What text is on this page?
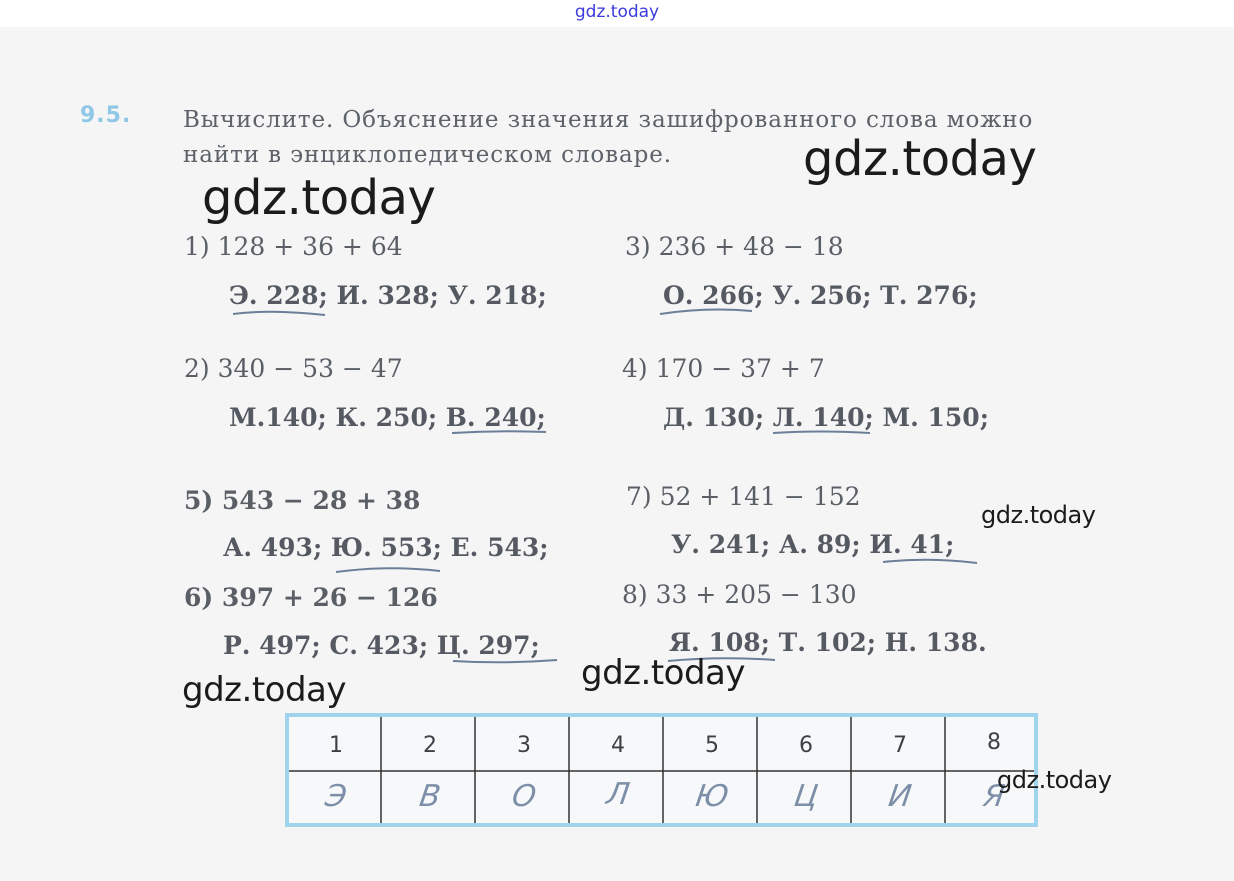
gdz.today
9.5. Вычислите. Объяснение значения зашифрованного слова можно
найти в энциклопедическом словаре.
1) 128 + 36 + 64
Э. 228; И. 328; У. 218;
3) 236 + 48 − 18
О. 266; У. 256; Т. 276;
2) 340 − 53 − 47
М.140; К. 250; В. 240;
4) 170 − 37 + 7
Д. 130; Л. 140; М. 150;
5) 543 − 28 + 38
А. 493; Ю. 553; Е. 543;
7) 52 + 141 − 152
У. 241; А. 89; И. 41;
6) 397 + 26 − 126
Р. 497; С. 423; Ц. 297;
8) 33 + 205 − 130
Я. 108; Т. 102; Н. 138.
1	2	3	4	5	6	7	8
Э	В	О	Л	Ю	Ц	И	Я
gdz.today
gdz.today
gdz.today	gdz.today
gdz.today
gdz.today
